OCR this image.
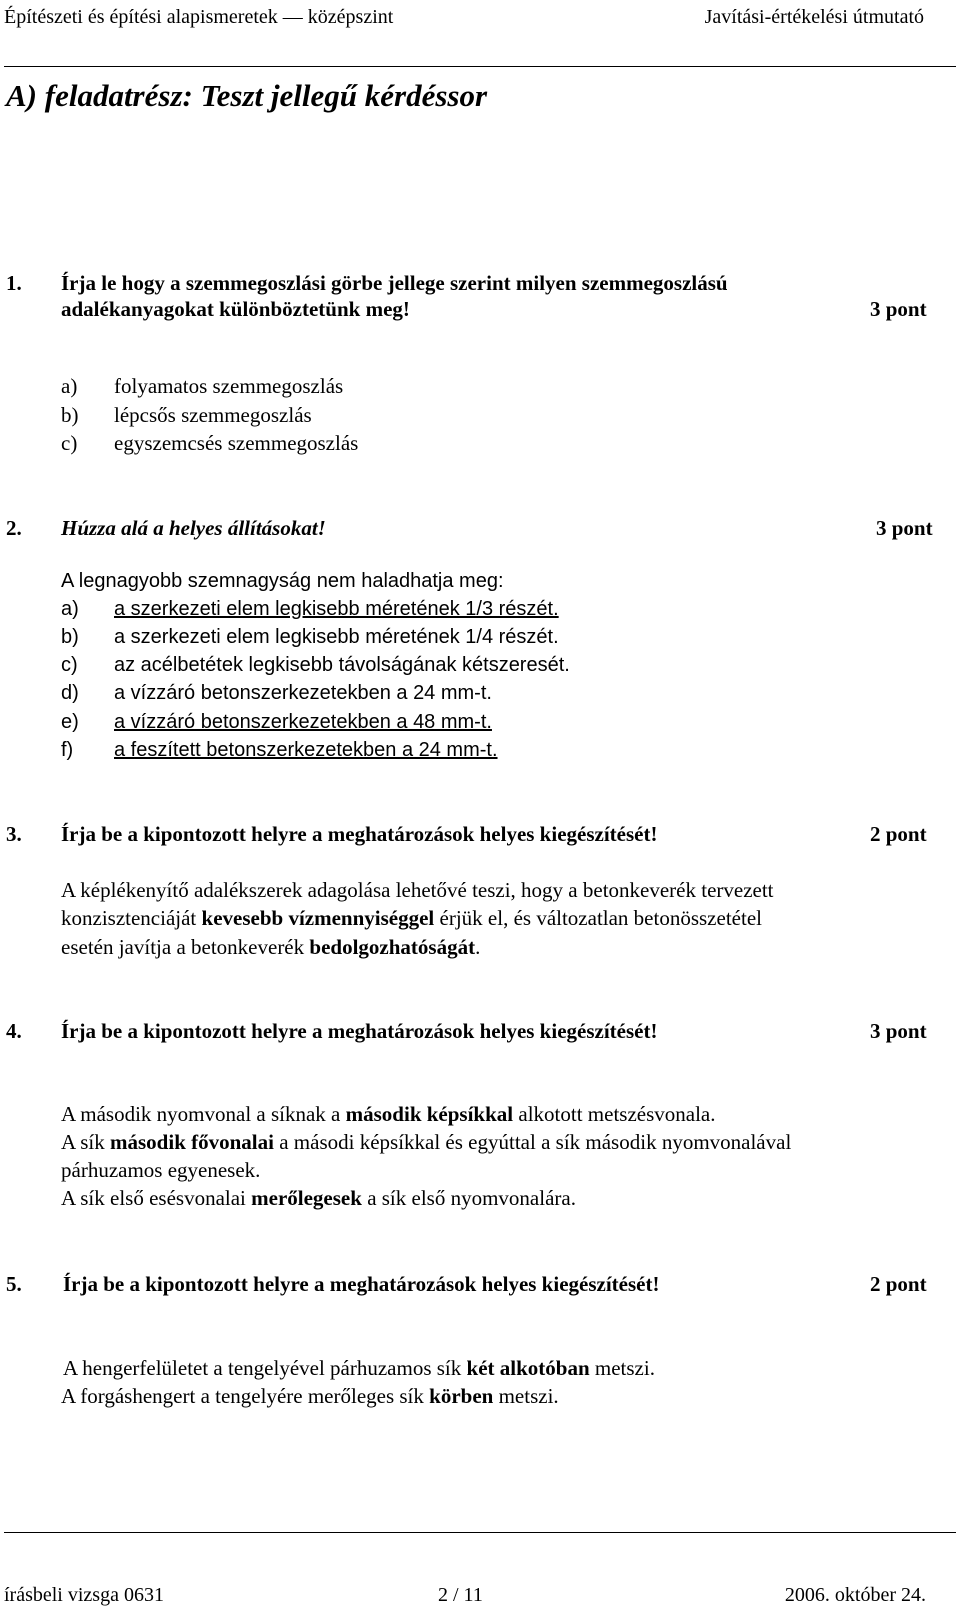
Építészeti és építési alapismeretek — középszint	Javítási-értékelési útmutató
A) feladatrész: Teszt jellegű kérdéssor
1. Írja le hogy a szemmegoszlási görbe jellege szerint milyen szemmegoszlású
adalékanyagokat különböztetünk meg!	3 pont
a) folyamatos szemmegoszlás
b) lépcsős szemmegoszlás
c) egyszemcsés szemmegoszlás
2. Húzza alá a helyes állításokat!	3 pont
A legnagyobb szemnagyság nem haladhatja meg:
a) a szerkezeti elem legkisebb méretének 1/3 részét.
b) a szerkezeti elem legkisebb méretének 1/4 részét.
c) az acélbetétek legkisebb távolságának kétszeresét.
d) a vízzáró betonszerkezetekben a 24 mm-t.
e) a vízzáró betonszerkezetekben a 48 mm-t.
f) a feszített betonszerkezetekben a 24 mm-t.
3. Írja be a kipontozott helyre a meghatározások helyes kiegészítését!	2 pont
A képlékenyítő adalékszerek adagolása lehetővé teszi, hogy a betonkeverék tervezett
konzisztenciáját kevesebb vízmennyiséggel érjük el, és változatlan betonösszetétel
esetén javítja a betonkeverék bedolgozhatóságát.
4. Írja be a kipontozott helyre a meghatározások helyes kiegészítését!	3 pont
A második nyomvonal a síknak a második képsíkkal alkotott metszésvonala.
A sík második fővonalai a másodi képsíkkal és egyúttal a sík második nyomvonalával
párhuzamos egyenesek.
A sík első esésvonalai merőlegesek a sík első nyomvonalára.
5. Írja be a kipontozott helyre a meghatározások helyes kiegészítését!	2 pont
A hengerfelületet a tengelyével párhuzamos sík két alkotóban metszi.
A forgáshengert a tengelyére merőleges sík körben metszi.
írásbeli vizsga 0631	2 / 11	2006. október 24.
